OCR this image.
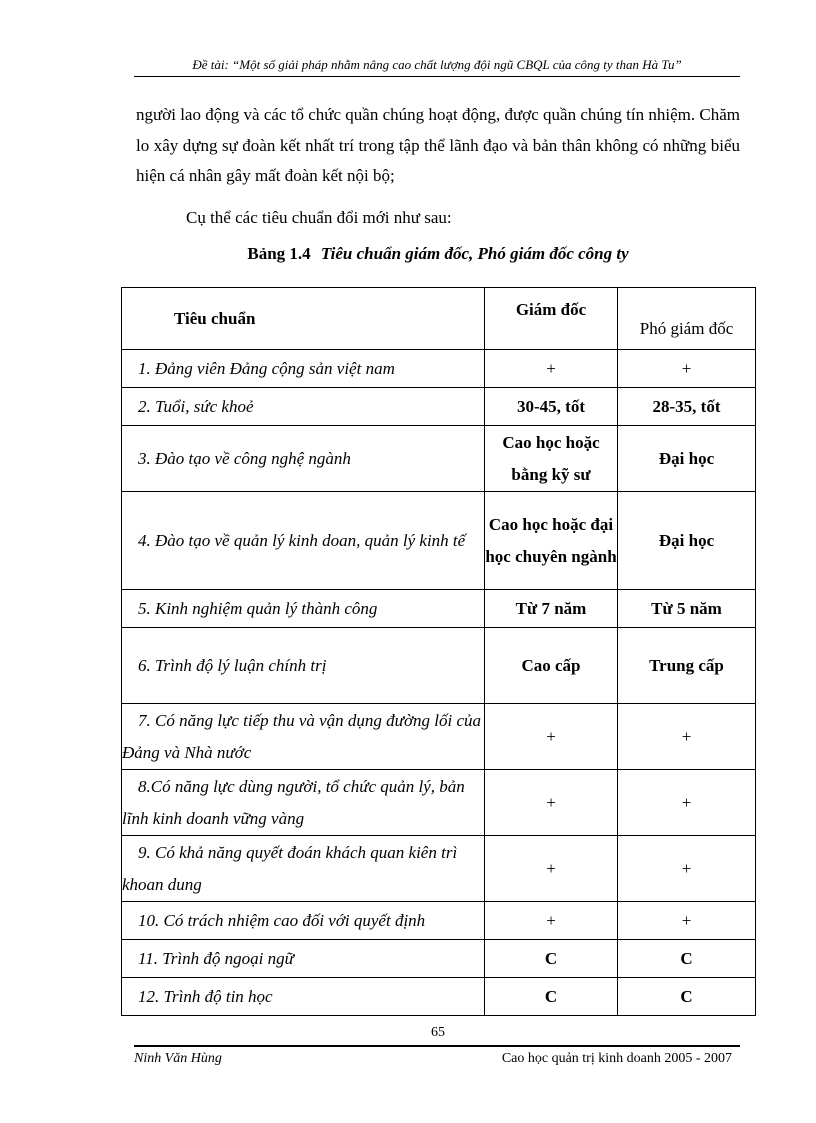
Đề tài: “Một số giải pháp nhằm nâng cao chất lượng đội ngũ CBQL của công ty than Hà Tu”
người lao động và các tổ chức quần chúng hoạt động, được quần chúng tín nhiệm. Chăm lo xây dựng sự đoàn kết nhất trí trong tập thể lãnh đạo và bản thân không có những biểu hiện cá nhân gây mất đoàn kết nội bộ;
Cụ thể các tiêu chuẩn đổi mới như sau:
Bảng 1.4 Tiêu chuẩn giám đốc, Phó giám đốc công ty
Tiêu chuẩn	Giám đốc	Phó giám đốc
1. Đảng viên Đảng cộng sản việt nam	+	+
2. Tuổi, sức khoẻ	30-45, tốt	28-35, tốt
3. Đào tạo về công nghệ ngành	Cao học hoặc bằng kỹ sư	Đại học
4. Đào tạo về quản lý kinh doan, quản lý kinh tế	Cao học hoặc đại học chuyên ngành	Đại học
5. Kinh nghiệm quản lý thành công	Từ 7 năm	Từ 5 năm
6. Trình độ lý luận chính trị	Cao cấp	Trung cấp
7. Có năng lực tiếp thu và vận dụng đường lối của Đảng và Nhà nước	+	+
8.Có năng lực dùng người, tổ chức quản lý, bản lĩnh kinh doanh vững vàng	+	+
9. Có khả năng quyết đoán khách quan kiên trì khoan dung	+	+
10. Có trách nhiệm cao đối với quyết định	+	+
11. Trình độ ngoại ngữ	C	C
12. Trình độ tin học	C	C
65
Ninh Văn Hùng	Cao học quản trị kinh doanh 2005 - 2007
